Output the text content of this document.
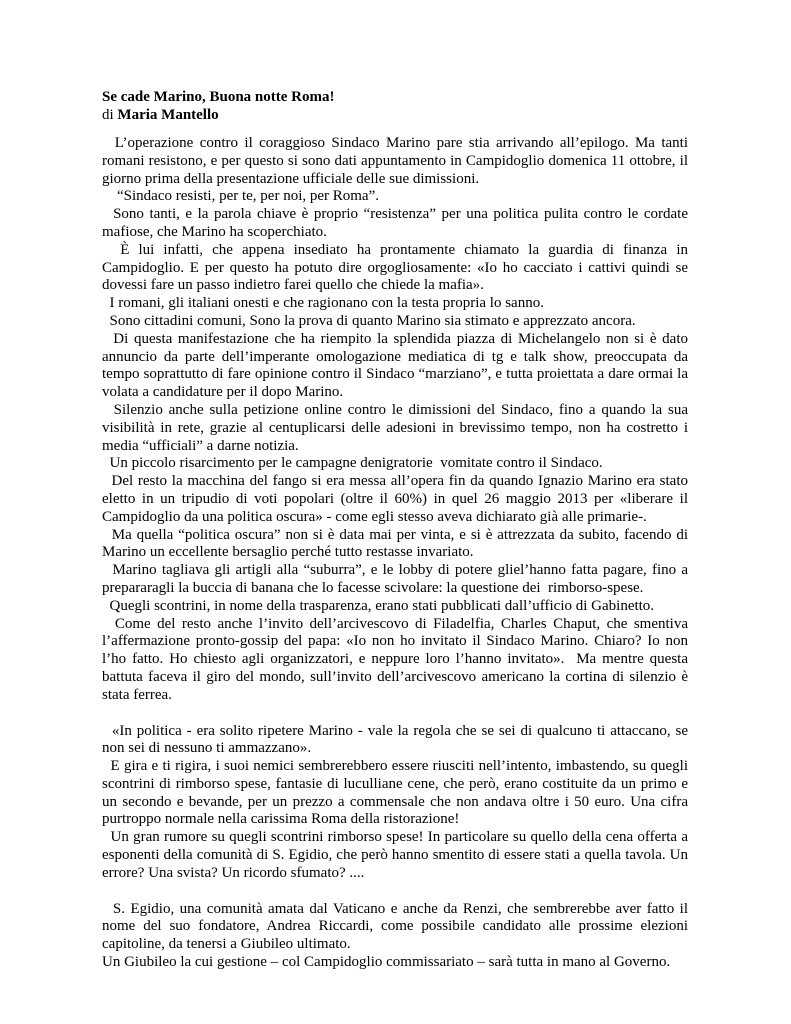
Se cade Marino, Buona notte Roma!

di Maria Mantello

L’operazione contro il coraggioso Sindaco Marino pare stia arrivando all’epilogo. Ma tanti romani resistono, e per questo si sono dati appuntamento in Campidoglio domenica 11 ottobre, il giorno prima della presentazione ufficiale delle sue dimissioni.

“Sindaco resisti, per te, per noi, per Roma”.

Sono tanti, e la parola chiave è proprio “resistenza” per una politica pulita contro le cordate mafiose, che Marino ha scoperchiato.

È lui infatti, che appena insediato ha prontamente chiamato la guardia di finanza in Campidoglio. E per questo ha potuto dire orgogliosamente: «Io ho cacciato i cattivi quindi se dovessi fare un passo indietro farei quello che chiede la mafia».

I romani, gli italiani onesti e che ragionano con la testa propria lo sanno.

Sono cittadini comuni, Sono la prova di quanto Marino sia stimato e apprezzato ancora.

Di questa manifestazione che ha riempito la splendida piazza di Michelangelo non si è dato annuncio da parte dell’imperante omologazione mediatica di tg e talk show, preoccupata da tempo soprattutto di fare opinione contro il Sindaco “marziano”, e tutta proiettata a dare ormai la volata a candidature per il dopo Marino.

Silenzio anche sulla petizione online contro le dimissioni del Sindaco, fino a quando la sua visibilità in rete, grazie al centuplicarsi delle adesioni in brevissimo tempo, non ha costretto i media “ufficiali” a darne notizia.

Un piccolo risarcimento per le campagne denigratorie  vomitate contro il Sindaco.

Del resto la macchina del fango si era messa all’opera fin da quando Ignazio Marino era stato eletto in un tripudio di voti popolari (oltre il 60%) in quel 26 maggio 2013 per «liberare il Campidoglio da una politica oscura» - come egli stesso aveva dichiarato già alle primarie-.

Ma quella “politica oscura” non si è data mai per vinta, e si è attrezzata da subito, facendo di Marino un eccellente bersaglio perché tutto restasse invariato.

Marino tagliava gli artigli alla “suburra”, e le lobby di potere gliel’hanno fatta pagare, fino a prepararagli la buccia di banana che lo facesse scivolare: la questione dei  rimborso-spese.

Quegli scontrini, in nome della trasparenza, erano stati pubblicati dall’ufficio di Gabinetto.

Come del resto anche l’invito dell’arcivescovo di Filadelfia, Charles Chaput, che smentiva l’affermazione pronto-gossip del papa: «Io non ho invitato il Sindaco Marino. Chiaro? Io non l’ho fatto. Ho chiesto agli organizzatori, e neppure loro l’hanno invitato».  Ma mentre questa battuta faceva il giro del mondo, sull’invito dell’arcivescovo americano la cortina di silenzio è stata ferrea.

«In politica - era solito ripetere Marino - vale la regola che se sei di qualcuno ti attaccano, se non sei di nessuno ti ammazzano».

E gira e ti rigira, i suoi nemici sembrerebbero essere riusciti nell’intento, imbastendo, su quegli scontrini di rimborso spese, fantasie di luculliane cene, che però, erano costituite da un primo e un secondo e bevande, per un prezzo a commensale che non andava oltre i 50 euro. Una cifra purtroppo normale nella carissima Roma della ristorazione!

Un gran rumore su quegli scontrini rimborso spese! In particolare su quello della cena offerta a esponenti della comunità di S. Egidio, che però hanno smentito di essere stati a quella tavola. Un errore? Una svista? Un ricordo sfumato? ....

S. Egidio, una comunità amata dal Vaticano e anche da Renzi, che sembrerebbe aver fatto il nome del suo fondatore, Andrea Riccardi, come possibile candidato alle prossime elezioni capitoline, da tenersi a Giubileo ultimato.

Un Giubileo la cui gestione – col Campidoglio commissariato – sarà tutta in mano al Governo.
